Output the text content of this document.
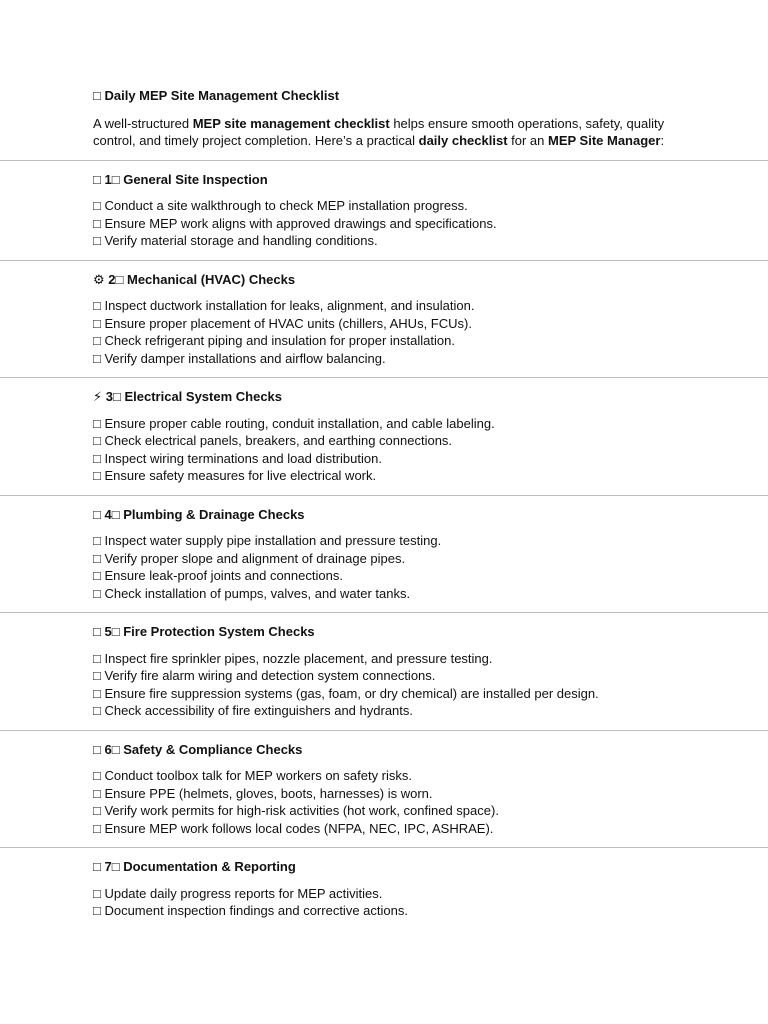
□ Daily MEP Site Management Checklist
A well-structured MEP site management checklist helps ensure smooth operations, safety, quality control, and timely project completion. Here’s a practical daily checklist for an MEP Site Manager:
□ 1□ General Site Inspection
□ Conduct a site walkthrough to check MEP installation progress.
□ Ensure MEP work aligns with approved drawings and specifications.
□ Verify material storage and handling conditions.
⚙ 2□ Mechanical (HVAC) Checks
□ Inspect ductwork installation for leaks, alignment, and insulation.
□ Ensure proper placement of HVAC units (chillers, AHUs, FCUs).
□ Check refrigerant piping and insulation for proper installation.
□ Verify damper installations and airflow balancing.
⚡ 3□ Electrical System Checks
□ Ensure proper cable routing, conduit installation, and cable labeling.
□ Check electrical panels, breakers, and earthing connections.
□ Inspect wiring terminations and load distribution.
□ Ensure safety measures for live electrical work.
□ 4□ Plumbing & Drainage Checks
□ Inspect water supply pipe installation and pressure testing.
□ Verify proper slope and alignment of drainage pipes.
□ Ensure leak-proof joints and connections.
□ Check installation of pumps, valves, and water tanks.
□ 5□ Fire Protection System Checks
□ Inspect fire sprinkler pipes, nozzle placement, and pressure testing.
□ Verify fire alarm wiring and detection system connections.
□ Ensure fire suppression systems (gas, foam, or dry chemical) are installed per design.
□ Check accessibility of fire extinguishers and hydrants.
□ 6□ Safety & Compliance Checks
□ Conduct toolbox talk for MEP workers on safety risks.
□ Ensure PPE (helmets, gloves, boots, harnesses) is worn.
□ Verify work permits for high-risk activities (hot work, confined space).
□ Ensure MEP work follows local codes (NFPA, NEC, IPC, ASHRAE).
□ 7□ Documentation & Reporting
□ Update daily progress reports for MEP activities.
□ Document inspection findings and corrective actions.
